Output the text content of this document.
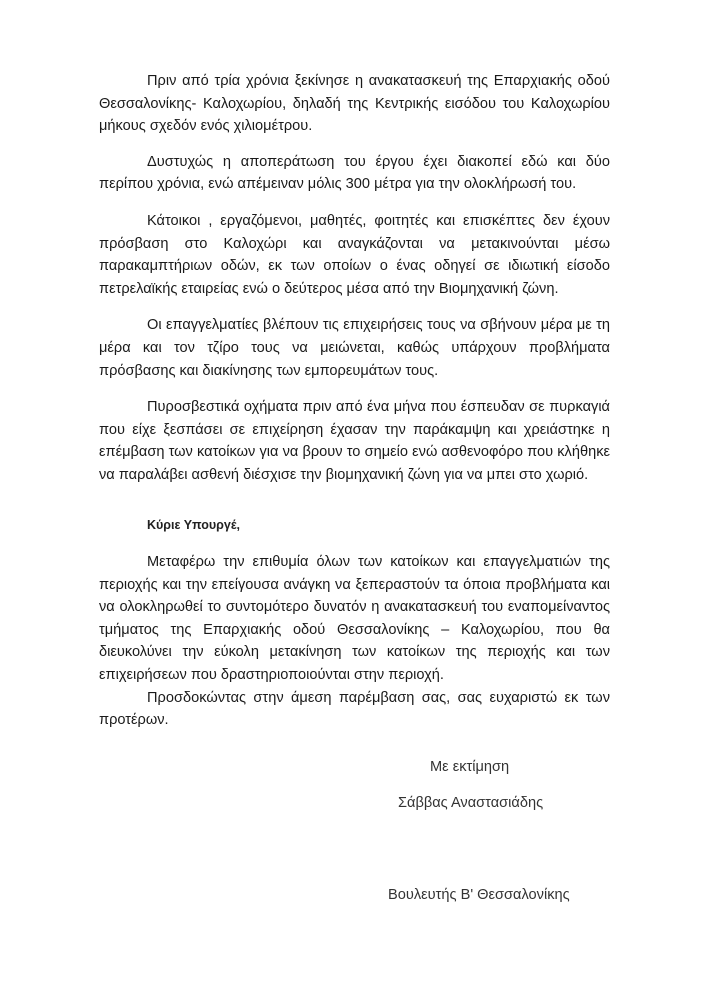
Πριν από τρία χρόνια ξεκίνησε η ανακατασκευή της Επαρχιακής οδού Θεσσαλονίκης- Καλοχωρίου, δηλαδή της Κεντρικής εισόδου του Καλοχωρίου μήκους σχεδόν ενός χιλιομέτρου.

Δυστυχώς η αποπεράτωση του έργου έχει διακοπεί εδώ και δύο περίπου χρόνια, ενώ απέμειναν μόλις 300 μέτρα για την ολοκλήρωσή του.

Κάτοικοι , εργαζόμενοι, μαθητές, φοιτητές και επισκέπτες δεν έχουν πρόσβαση στο Καλοχώρι και αναγκάζονται να μετακινούνται μέσω παρακαμπτήριων οδών, εκ των οποίων ο ένας οδηγεί σε ιδιωτική είσοδο πετρελαϊκής εταιρείας ενώ ο δεύτερος μέσα από την Βιομηχανική ζώνη.

Οι επαγγελματίες βλέπουν τις επιχειρήσεις τους να σβήνουν μέρα με τη μέρα και τον τζίρο τους να μειώνεται, καθώς υπάρχουν προβλήματα πρόσβασης και διακίνησης των εμπορευμάτων τους.

Πυροσβεστικά οχήματα πριν από ένα μήνα που έσπευδαν σε πυρκαγιά που είχε ξεσπάσει σε επιχείρηση έχασαν την παράκαμψη και χρειάστηκε η επέμβαση των κατοίκων για να βρουν το σημείο ενώ ασθενοφόρο που κλήθηκε να παραλάβει ασθενή διέσχισε την βιομηχανική ζώνη για να μπει στο χωριό.

Κύριε Υπουργέ,

Μεταφέρω την επιθυμία όλων των κατοίκων και επαγγελματιών της περιοχής και την επείγουσα ανάγκη να ξεπεραστούν τα όποια προβλήματα και να ολοκληρωθεί το συντομότερο δυνατόν η ανακατασκευή του εναπομείναντος τμήματος της Επαρχιακής οδού Θεσσαλονίκης – Καλοχωρίου, που θα διευκολύνει την εύκολη μετακίνηση των κατοίκων της περιοχής και των επιχειρήσεων που δραστηριοποιούνται στην περιοχή.

Προσδοκώντας στην άμεση παρέμβαση σας, σας ευχαριστώ εκ των προτέρων.

Με εκτίμηση
Σάββας Αναστασιάδης
Βουλευτής Β' Θεσσαλονίκης
